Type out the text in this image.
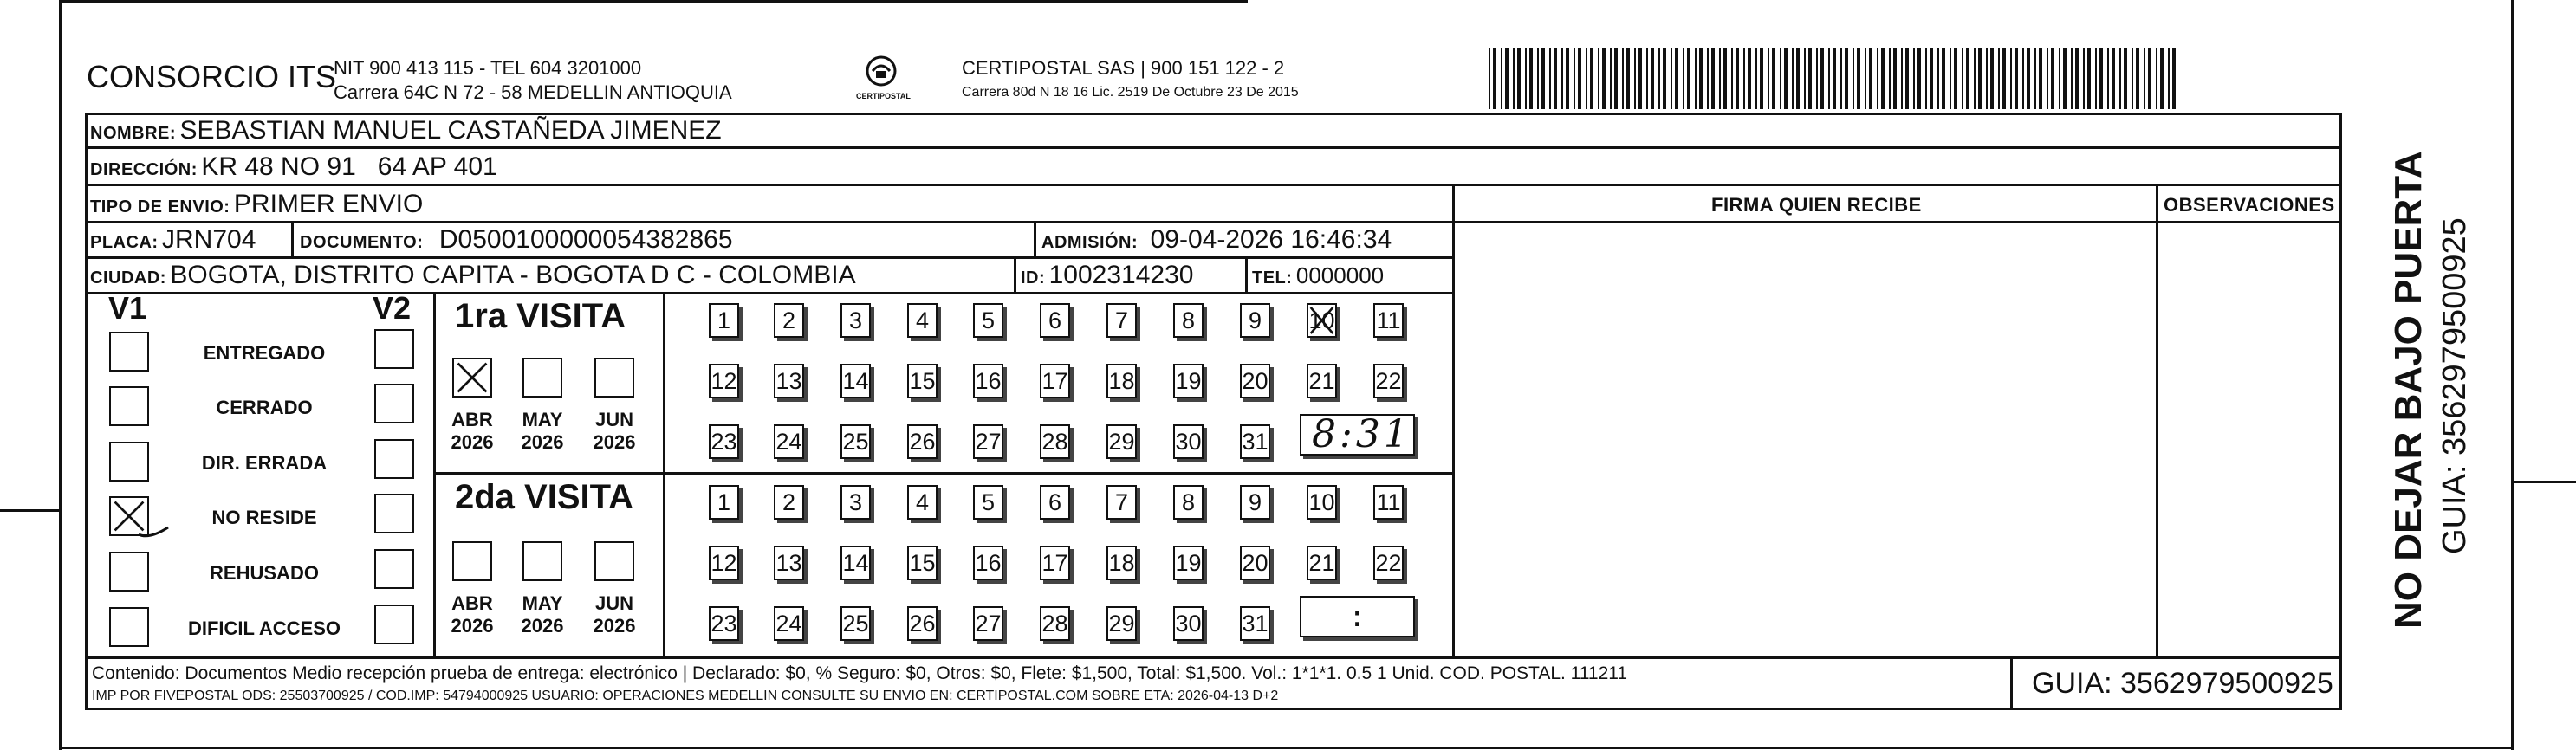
CONSORCIO ITS
NIT 900 413 115 - TEL 604 3201000
Carrera 64C N 72 - 58 MEDELLIN ANTIOQUIA	CERTIPOSTAL
CERTIPOSTAL SAS | 900 151 122 - 2
Carrera 80d N 18 16 Lic. 2519 De Octubre 23 De 2015
NOMBRE: SEBASTIAN MANUEL CASTAÑEDA JIMENEZ
DIRECCIÓN: KR 48 NO 91   64 AP 401
TIPO DE ENVIO: PRIMER ENVIO	FIRMA QUIEN RECIBE	OBSERVACIONES
PLACA: JRN704	DOCUMENTO: D0500100000054382865	ADMISIÓN: 09-04-2026 16:46:34
CIUDAD: BOGOTA, DISTRITO CAPITA - BOGOTA D C - COLOMBIA	ID: 1002314230	TEL: 0000000
V1	V2
ENTREGADO
CERRADO
DIR. ERRADA
NO RESIDE
REHUSADO
DIFICIL ACCESO
1ra VISITA
2da VISITA
ABR
2026
MAY
2026
JUN
2026
ABR
2026
MAY
2026
JUN
2026
1	2	3	4	5	6	7	8	9	10 11
12 13 14 15 16 17 18 19 20 21 22
23 24 25 26 27 28 29 30 31
1	2	3	4	5	6	7	8	9	10 11
12 13 14 15 16 17 18 19 20 21 22
23 24 25 26 27 28 29 30 31
8:31
:
Contenido: Documentos Medio recepción prueba de entrega: electrónico | Declarado: $0, % Seguro: $0, Otros: $0, Flete: $1,500, Total: $1,500. Vol.: 1*1*1. 0.5 1 Unid. COD. POSTAL. 111211
IMP POR FIVEPOSTAL ODS: 25503700925 / COD.IMP: 54794000925 USUARIO: OPERACIONES MEDELLIN CONSULTE SU ENVIO EN: CERTIPOSTAL.COM SOBRE ETA: 2026-04-13 D+2	GUIA: 3562979500925
NO DEJAR BAJO PUERTA GUIA: 3562979500925
